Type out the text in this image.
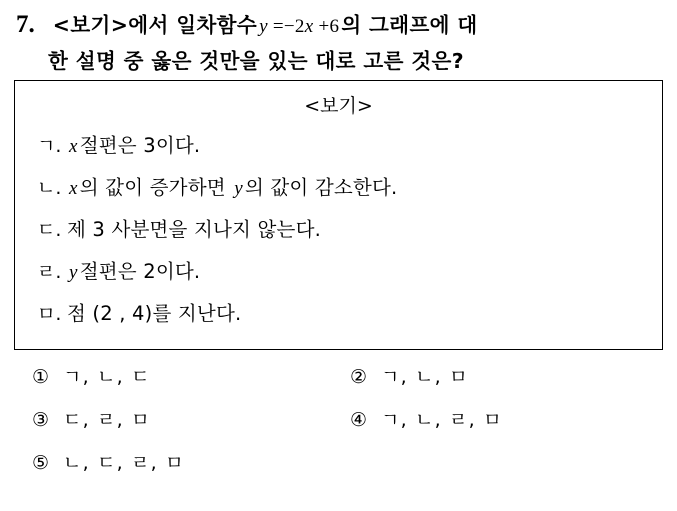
7. <보기>에서 일차함수 y =−2x +6 의 그래프에 대
한 설명 중 옳은 것만을 있는 대로 고른 것은?
<보기>
ㄱ. x 절편은 3이다.
ㄴ. x 의 값이 증가하면 y 의 값이 감소한다.
ㄷ. 제 3 사분면을 지나지 않는다.
ㄹ. y 절편은 2이다.
ㅁ. 점 (2 , 4)를 지난다.
① ㄱ, ㄴ, ㄷ	② ㄱ, ㄴ, ㅁ
③ ㄷ, ㄹ, ㅁ	④ ㄱ, ㄴ, ㄹ, ㅁ
⑤ ㄴ, ㄷ, ㄹ, ㅁ
